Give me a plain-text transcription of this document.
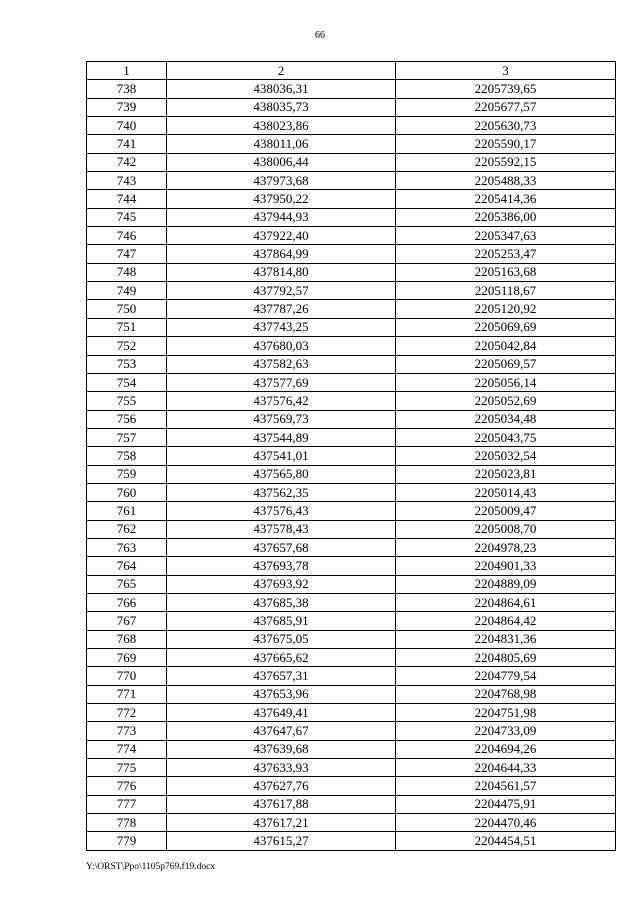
66
1	2	3
738	438036,31	2205739,65
739	438035,73	2205677,57
740	438023,86	2205630,73
741	438011,06	2205590,17
742	438006,44	2205592,15
743	437973,68	2205488,33
744	437950,22	2205414,36
745	437944,93	2205386,00
746	437922,40	2205347,63
747	437864,99	2205253,47
748	437814,80	2205163,68
749	437792,57	2205118,67
750	437787,26	2205120,92
751	437743,25	2205069,69
752	437680,03	2205042,84
753	437582,63	2205069,57
754	437577,69	2205056,14
755	437576,42	2205052,69
756	437569,73	2205034,48
757	437544,89	2205043,75
758	437541,01	2205032,54
759	437565,80	2205023,81
760	437562,35	2205014,43
761	437576,43	2205009,47
762	437578,43	2205008,70
763	437657,68	2204978,23
764	437693,78	2204901,33
765	437693,92	2204889,09
766	437685,38	2204864,61
767	437685,91	2204864,42
768	437675,05	2204831,36
769	437665,62	2204805,69
770	437657,31	2204779,54
771	437653,96	2204768,98
772	437649,41	2204751,98
773	437647,67	2204733,09
774	437639,68	2204694,26
775	437633,93	2204644,33
776	437627,76	2204561,57
777	437617,88	2204475,91
778	437617,21	2204470,46
779	437615,27	2204454,51
Y:\ORST\Ppo\1105p769.f19.docx
